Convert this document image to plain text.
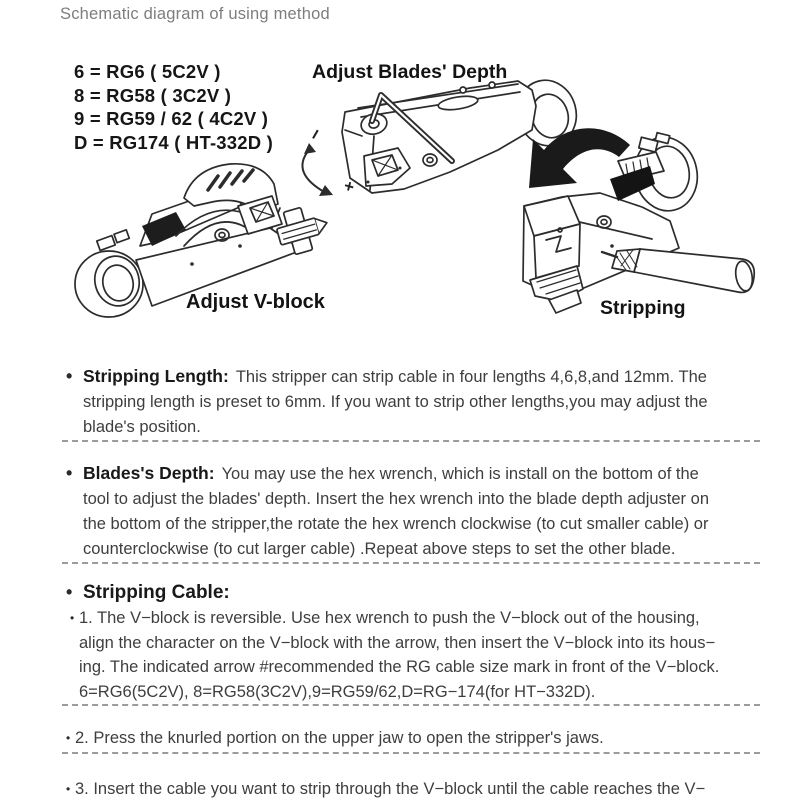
Schematic diagram of using method
6 = RG6 ( 5C2V )
8 = RG58 ( 3C2V )
9 = RG59 / 62 ( 4C2V )
D = RG174 ( HT-332D )
Adjust Blades' Depth
Adjust V-block	Stripping
−
+
• Stripping Length: This stripper can strip cable in four lengths 4,6,8,and 12mm. The
stripping length is preset to 6mm. If you want to strip other lengths,you may adjust the
blade's position.
• Blades's Depth: You may use the hex wrench, which is install on the bottom of the
tool to adjust the blades' depth. Insert the hex wrench into the blade depth adjuster on
the bottom of the stripper,the rotate the hex wrench clockwise (to cut smaller cable) or
counterclockwise (to cut larger cable) .Repeat above steps to set the other blade.
• Stripping Cable:
• 1. The V−block is reversible. Use hex wrench to push the V−block out of the housing,
align the character on the V−block with the arrow, then insert the V−block into its hous−
ing. The indicated arrow #recommended the RG cable size mark in front of the V−block.
6=RG6(5C2V), 8=RG58(3C2V),9=RG59/62,D=RG−174(for HT−332D).
• 2. Press the knurled portion on the upper jaw to open the stripper's jaws.
• 3. Insert the cable you want to strip through the V−block until the cable reaches the V−
